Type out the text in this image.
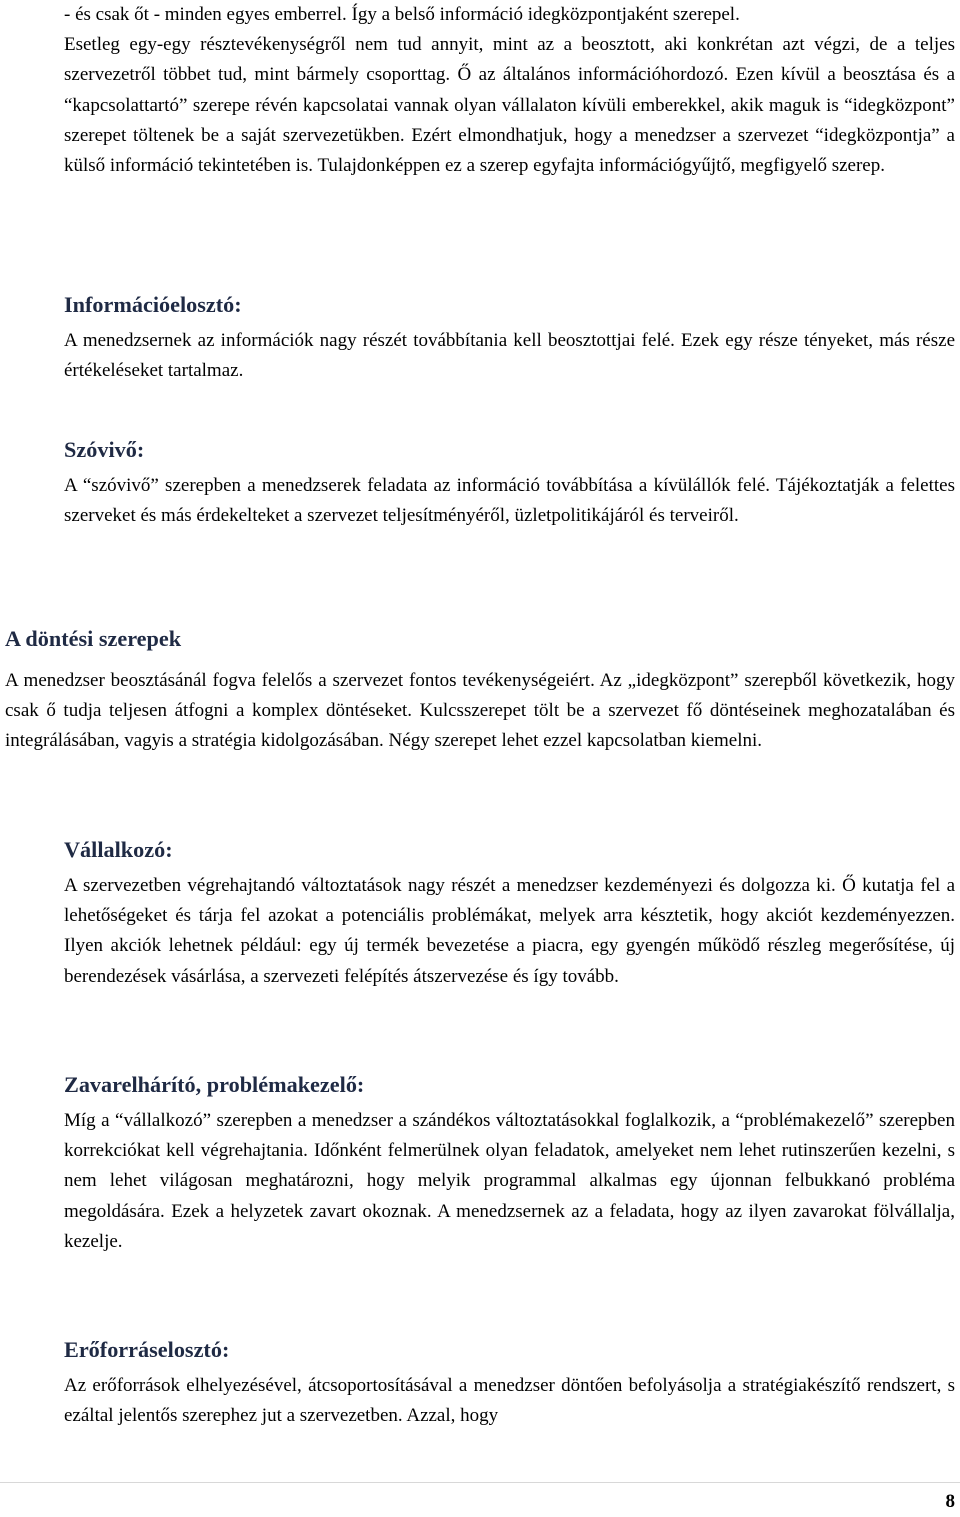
- és csak őt - minden egyes emberrel. Így a belső információ idegközpontjaként szerepel.

Esetleg egy-egy résztevékenységről nem tud annyit, mint az a beosztott, aki konkrétan azt végzi, de a teljes szervezetről többet tud, mint bármely csoporttag. Ő az általános információhordozó. Ezen kívül a beosztása és a “kapcsolattartó” szerepe révén kapcsolatai vannak olyan vállalaton kívüli emberekkel, akik maguk is “idegközpont” szerepet töltenek be a saját szervezetükben. Ezért elmondhatjuk, hogy a menedzser a szervezet “idegközpontja” a külső információ tekintetében is. Tulajdonképpen ez a szerep egyfajta információgyűjtő, megfigyelő szerep.

Információelosztó:

A menedzsernek az információk nagy részét továbbítania kell beosztottjai felé. Ezek egy része tényeket, más része értékeléseket tartalmaz.

Szóvivő:

A “szóvivő” szerepben a menedzserek feladata az információ továbbítása a kívülállók felé. Tájékoztatják a felettes szerveket és más érdekelteket a szervezet teljesítményéről, üzletpolitikájáról és terveiről.

A döntési szerepek

A menedzser beosztásánál fogva felelős a szervezet fontos tevékenységeiért. Az „idegközpont” szerepből következik, hogy csak ő tudja teljesen átfogni a komplex döntéseket. Kulcsszerepet tölt be a szervezet fő döntéseinek meghozatalában és integrálásában, vagyis a stratégia kidolgozásában. Négy szerepet lehet ezzel kapcsolatban kiemelni.

Vállalkozó:

A szervezetben végrehajtandó változtatások nagy részét a menedzser kezdeményezi és dolgozza ki. Ő kutatja fel a lehetőségeket és tárja fel azokat a potenciális problémákat, melyek arra késztetik, hogy akciót kezdeményezzen. Ilyen akciók lehetnek például: egy új termék bevezetése a piacra, egy gyengén működő részleg megerősítése, új berendezések vásárlása, a szervezeti felépítés átszervezése és így tovább.

Zavarelhárító, problémakezelő:

Míg a “vállalkozó” szerepben a menedzser a szándékos változtatásokkal foglalkozik, a “problémakezelő” szerepben korrekciókat kell végrehajtania. Időnként felmerülnek olyan feladatok, amelyeket nem lehet rutinszerűen kezelni, s nem lehet világosan meghatározni, hogy melyik programmal alkalmas egy újonnan felbukkanó probléma megoldására. Ezek a helyzetek zavart okoznak. A menedzsernek az a feladata, hogy az ilyen zavarokat fölvállalja, kezelje.

Erőforráselosztó:

Az erőforrások elhelyezésével, átcsoportosításával a menedzser döntően befolyásolja a stratégiakészítő rendszert, s ezáltal jelentős szerephez jut a szervezetben. Azzal, hogy

8
